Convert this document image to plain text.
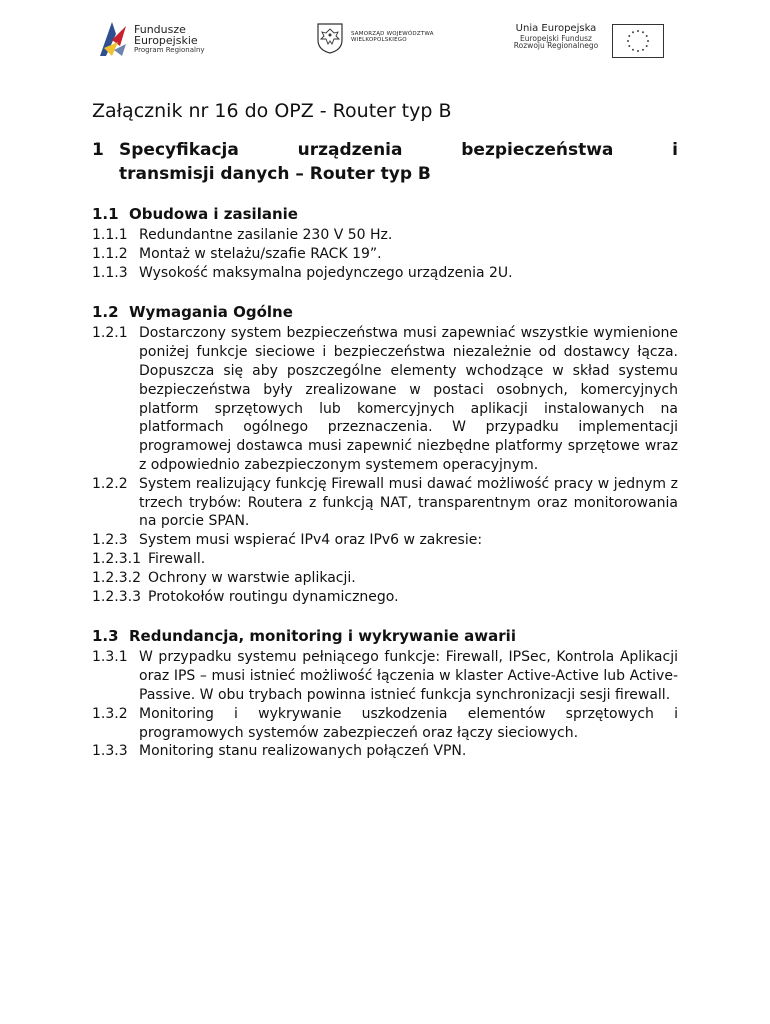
Fundusze
Europejskie
Program Regionalny
SAMORZĄD WOJEWÓDZTWA
WIELKOPOLSKIEGO
Unia Europejska
Europejski Fundusz
Rozwoju Regionalnego
Załącznik nr 16 do OPZ - Router typ B
1 Specyfikacja urządzenia bezpieczeństwa i
transmisji danych – Router typ B
1.1 Obudowa i zasilanie
1.1.1 Redundantne zasilanie 230 V 50 Hz.
1.1.2 Montaż w stelażu/szafie RACK 19”.
1.1.3 Wysokość maksymalna pojedynczego urządzenia 2U.
1.2 Wymagania Ogólne
1.2.1 Dostarczony system bezpieczeństwa musi zapewniać wszystkie wymienione poniżej funkcje sieciowe i bezpieczeństwa niezależnie od dostawcy łącza. Dopuszcza się aby poszczególne elementy wchodzące w skład systemu bezpieczeństwa były zrealizowane w postaci osobnych, komercyjnych platform sprzętowych lub komercyjnych aplikacji instalowanych na platformach ogólnego przeznaczenia. W przypadku implementacji programowej dostawca musi zapewnić niezbędne platformy sprzętowe wraz z odpowiednio zabezpieczonym systemem operacyjnym.
1.2.2 System realizujący funkcję Firewall musi dawać możliwość pracy w jednym z trzech trybów: Routera z funkcją NAT, transparentnym oraz monitorowania na porcie SPAN.
1.2.3 System musi wspierać IPv4 oraz IPv6 w zakresie:
1.2.3.1 Firewall.
1.2.3.2 Ochrony w warstwie aplikacji.
1.2.3.3 Protokołów routingu dynamicznego.
1.3 Redundancja, monitoring i wykrywanie awarii
1.3.1 W przypadku systemu pełniącego funkcje: Firewall, IPSec, Kontrola Aplikacji oraz IPS – musi istnieć możliwość łączenia w klaster Active-Active lub Active-Passive. W obu trybach powinna istnieć funkcja synchronizacji sesji firewall.
1.3.2 Monitoring i wykrywanie uszkodzenia elementów sprzętowych i programowych systemów zabezpieczeń oraz łączy sieciowych.
1.3.3 Monitoring stanu realizowanych połączeń VPN.
